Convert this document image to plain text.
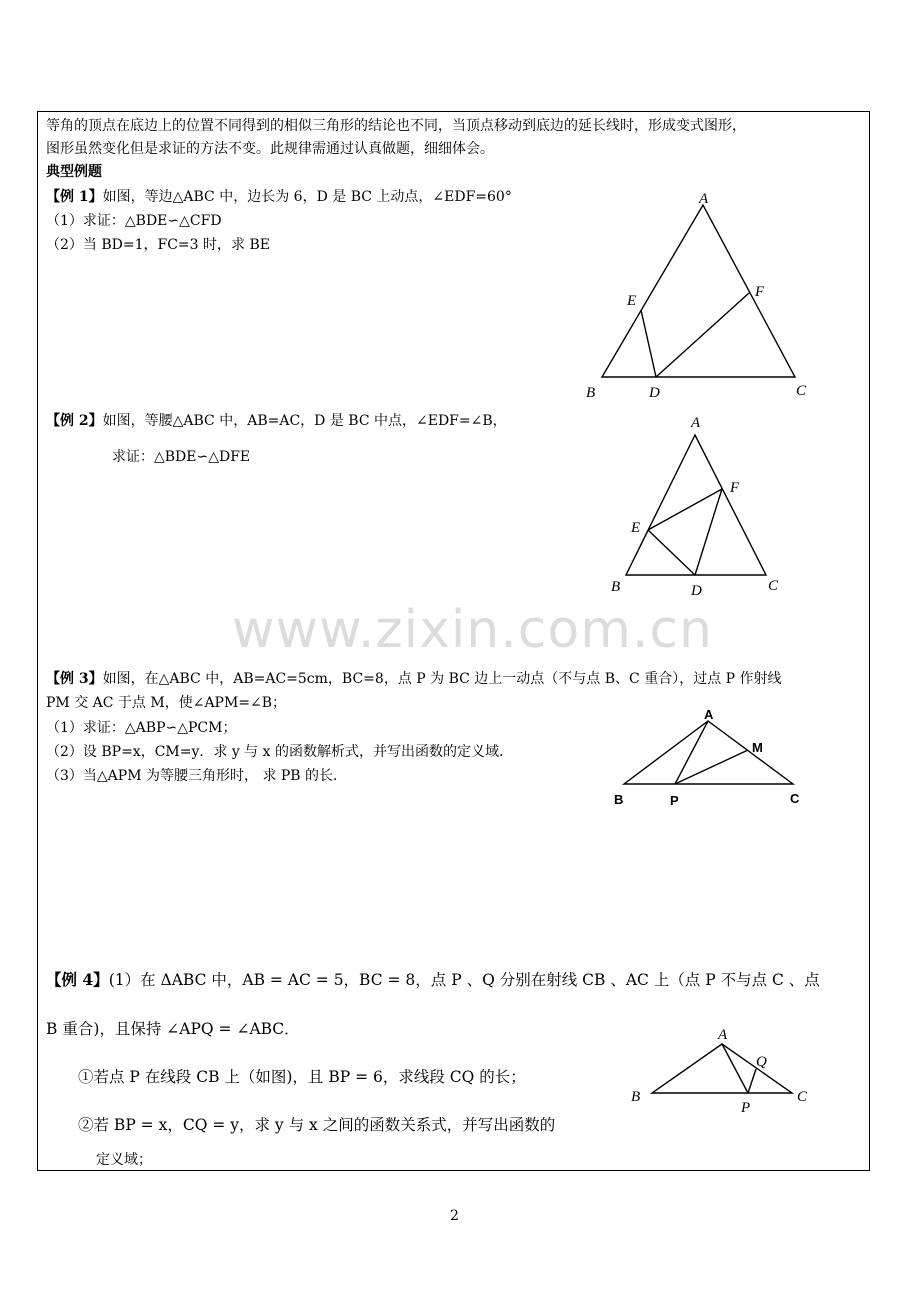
等角的顶点在底边上的位置不同得到的相似三角形的结论也不同，当顶点移动到底边的延长线时，形成变式图形，
图形虽然变化但是求证的方法不变。此规律需通过认真做题，细细体会。
典型例题
【例 1】如图，等边△ABC 中，边长为 6，D 是 BC 上动点，∠EDF=60°
（1）求证：△BDE∽△CFD
（2）当 BD=1，FC=3 时，求 BE
A
B	C
D
E
F
【例 2】如图，等腰△ABC 中，AB=AC，D 是 BC 中点，∠EDF=∠B，
求证：△BDE∽△DFE
A
B	C
D
E
F
www.zixin.com.cn
【例 3】如图，在△ABC 中，AB=AC=5cm，BC=8，点 P 为 BC 边上一动点（不与点 B、C 重合），过点 P 作射线
PM 交 AC 于点 M，使∠APM=∠B；
（1）求证：△ABP∽△PCM；
（2）设 BP=x，CM=y．求 y 与 x 的函数解析式，并写出函数的定义域．
（3）当△APM 为等腰三角形时， 求 PB 的长．
A
B	C
P
M
【例 4】(1）在 ΔABC 中，AB = AC = 5，BC = 8，点 P 、Q 分别在射线 CB 、AC 上（点 P 不与点 C 、点
B 重合)，且保持 ∠APQ = ∠ABC．
①若点 P 在线段 CB 上（如图)，且 BP = 6，求线段 CQ 的长；
②若 BP = x，CQ = y，求 y 与 x 之间的函数关系式，并写出函数的
定义域；
A
B	C
P
Q
2
